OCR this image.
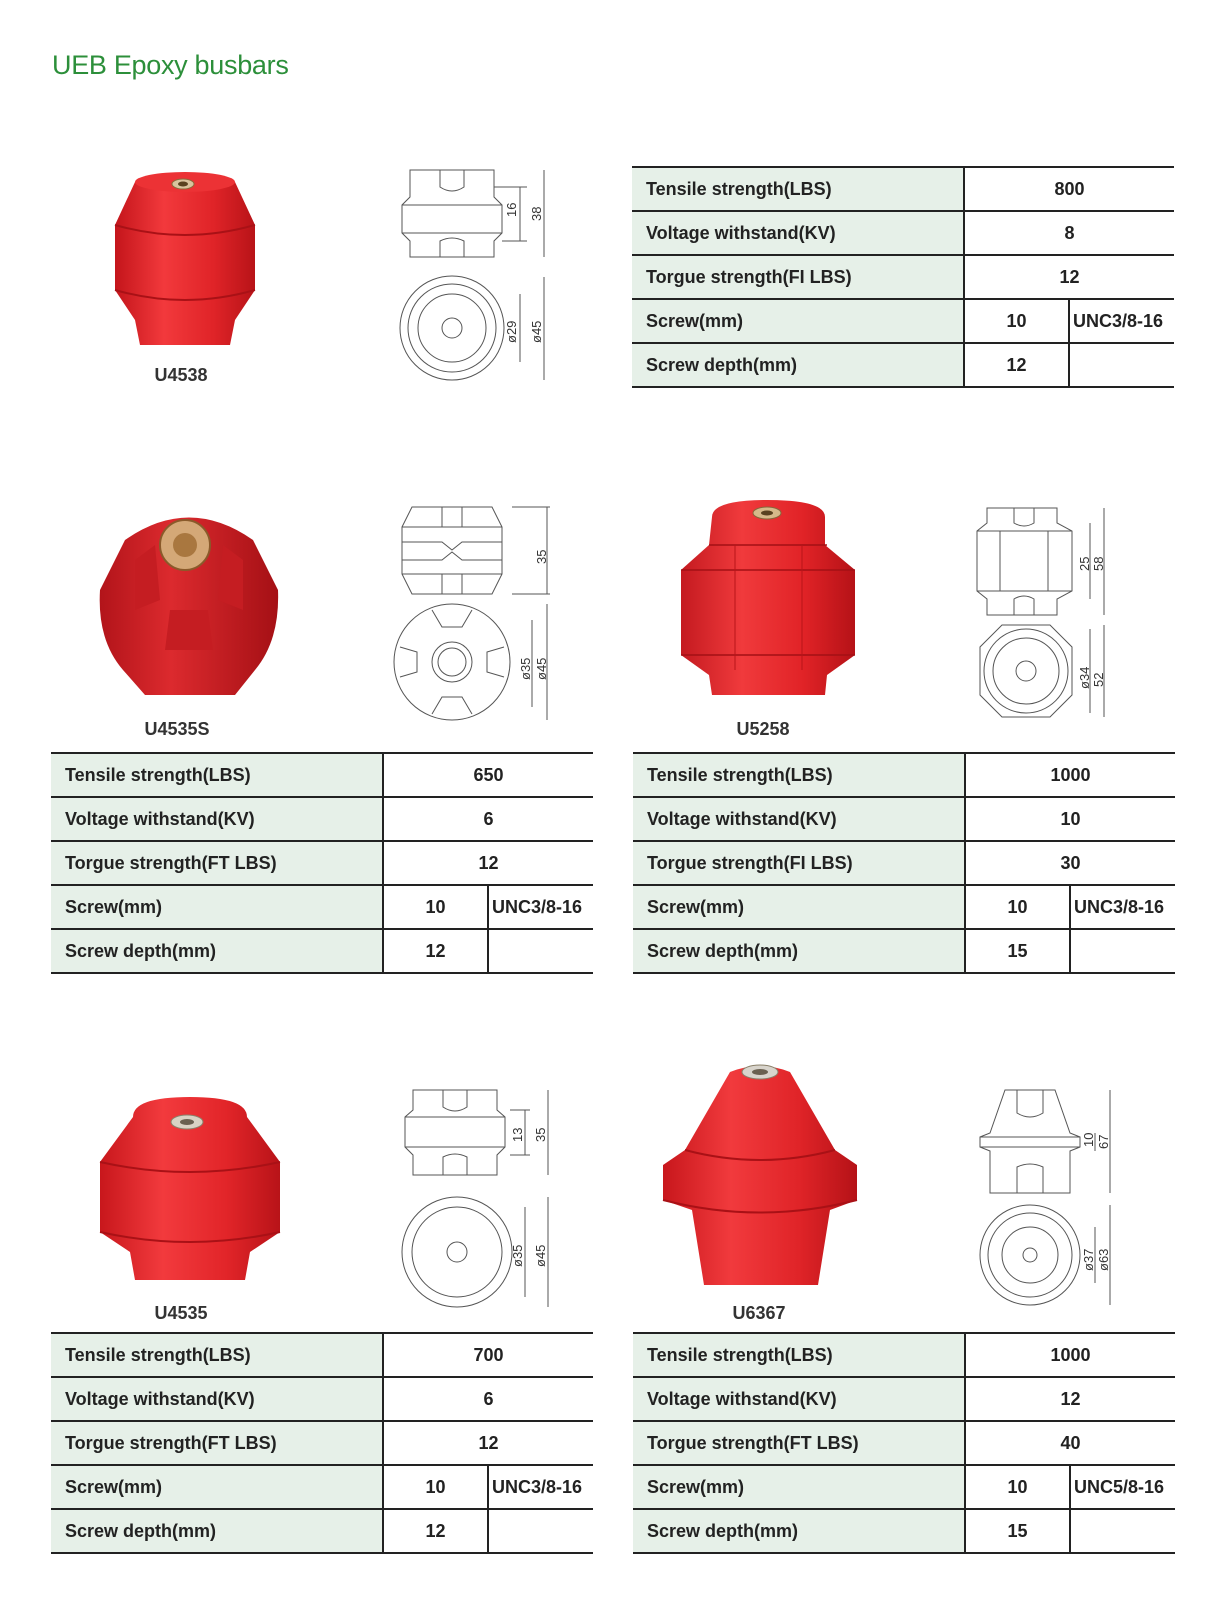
UEB Epoxy busbars
U4538
16 38
ø29 ø45
Tensile strength(LBS)	800	
Voltage withstand(KV)	8	
Torgue strength(FI LBS)	12	
Screw(mm)	10	UNC3/8-16
Screw depth(mm)	12	
U4535S
35
ø35 ø45
Tensile strength(LBS)	650	
Voltage withstand(KV)	6	
Torgue strength(FT LBS)	12	
Screw(mm)	10	UNC3/8-16
Screw depth(mm)	12	
U5258
25 58
ø34 52
Tensile strength(LBS)	1000	
Voltage withstand(KV)	10	
Torgue strength(FI LBS)	30	
Screw(mm)	10	UNC3/8-16
Screw depth(mm)	15	
U4535
13 35
ø35 ø45
Tensile strength(LBS)	700	
Voltage withstand(KV)	6	
Torgue strength(FT LBS)	12	
Screw(mm)	10	UNC3/8-16
Screw depth(mm)	12	
U6367
10 67
ø37 ø63
Tensile strength(LBS)	1000	
Voltage withstand(KV)	12	
Torgue strength(FT LBS)	40	
Screw(mm)	10	UNC5/8-16
Screw depth(mm)	15	
